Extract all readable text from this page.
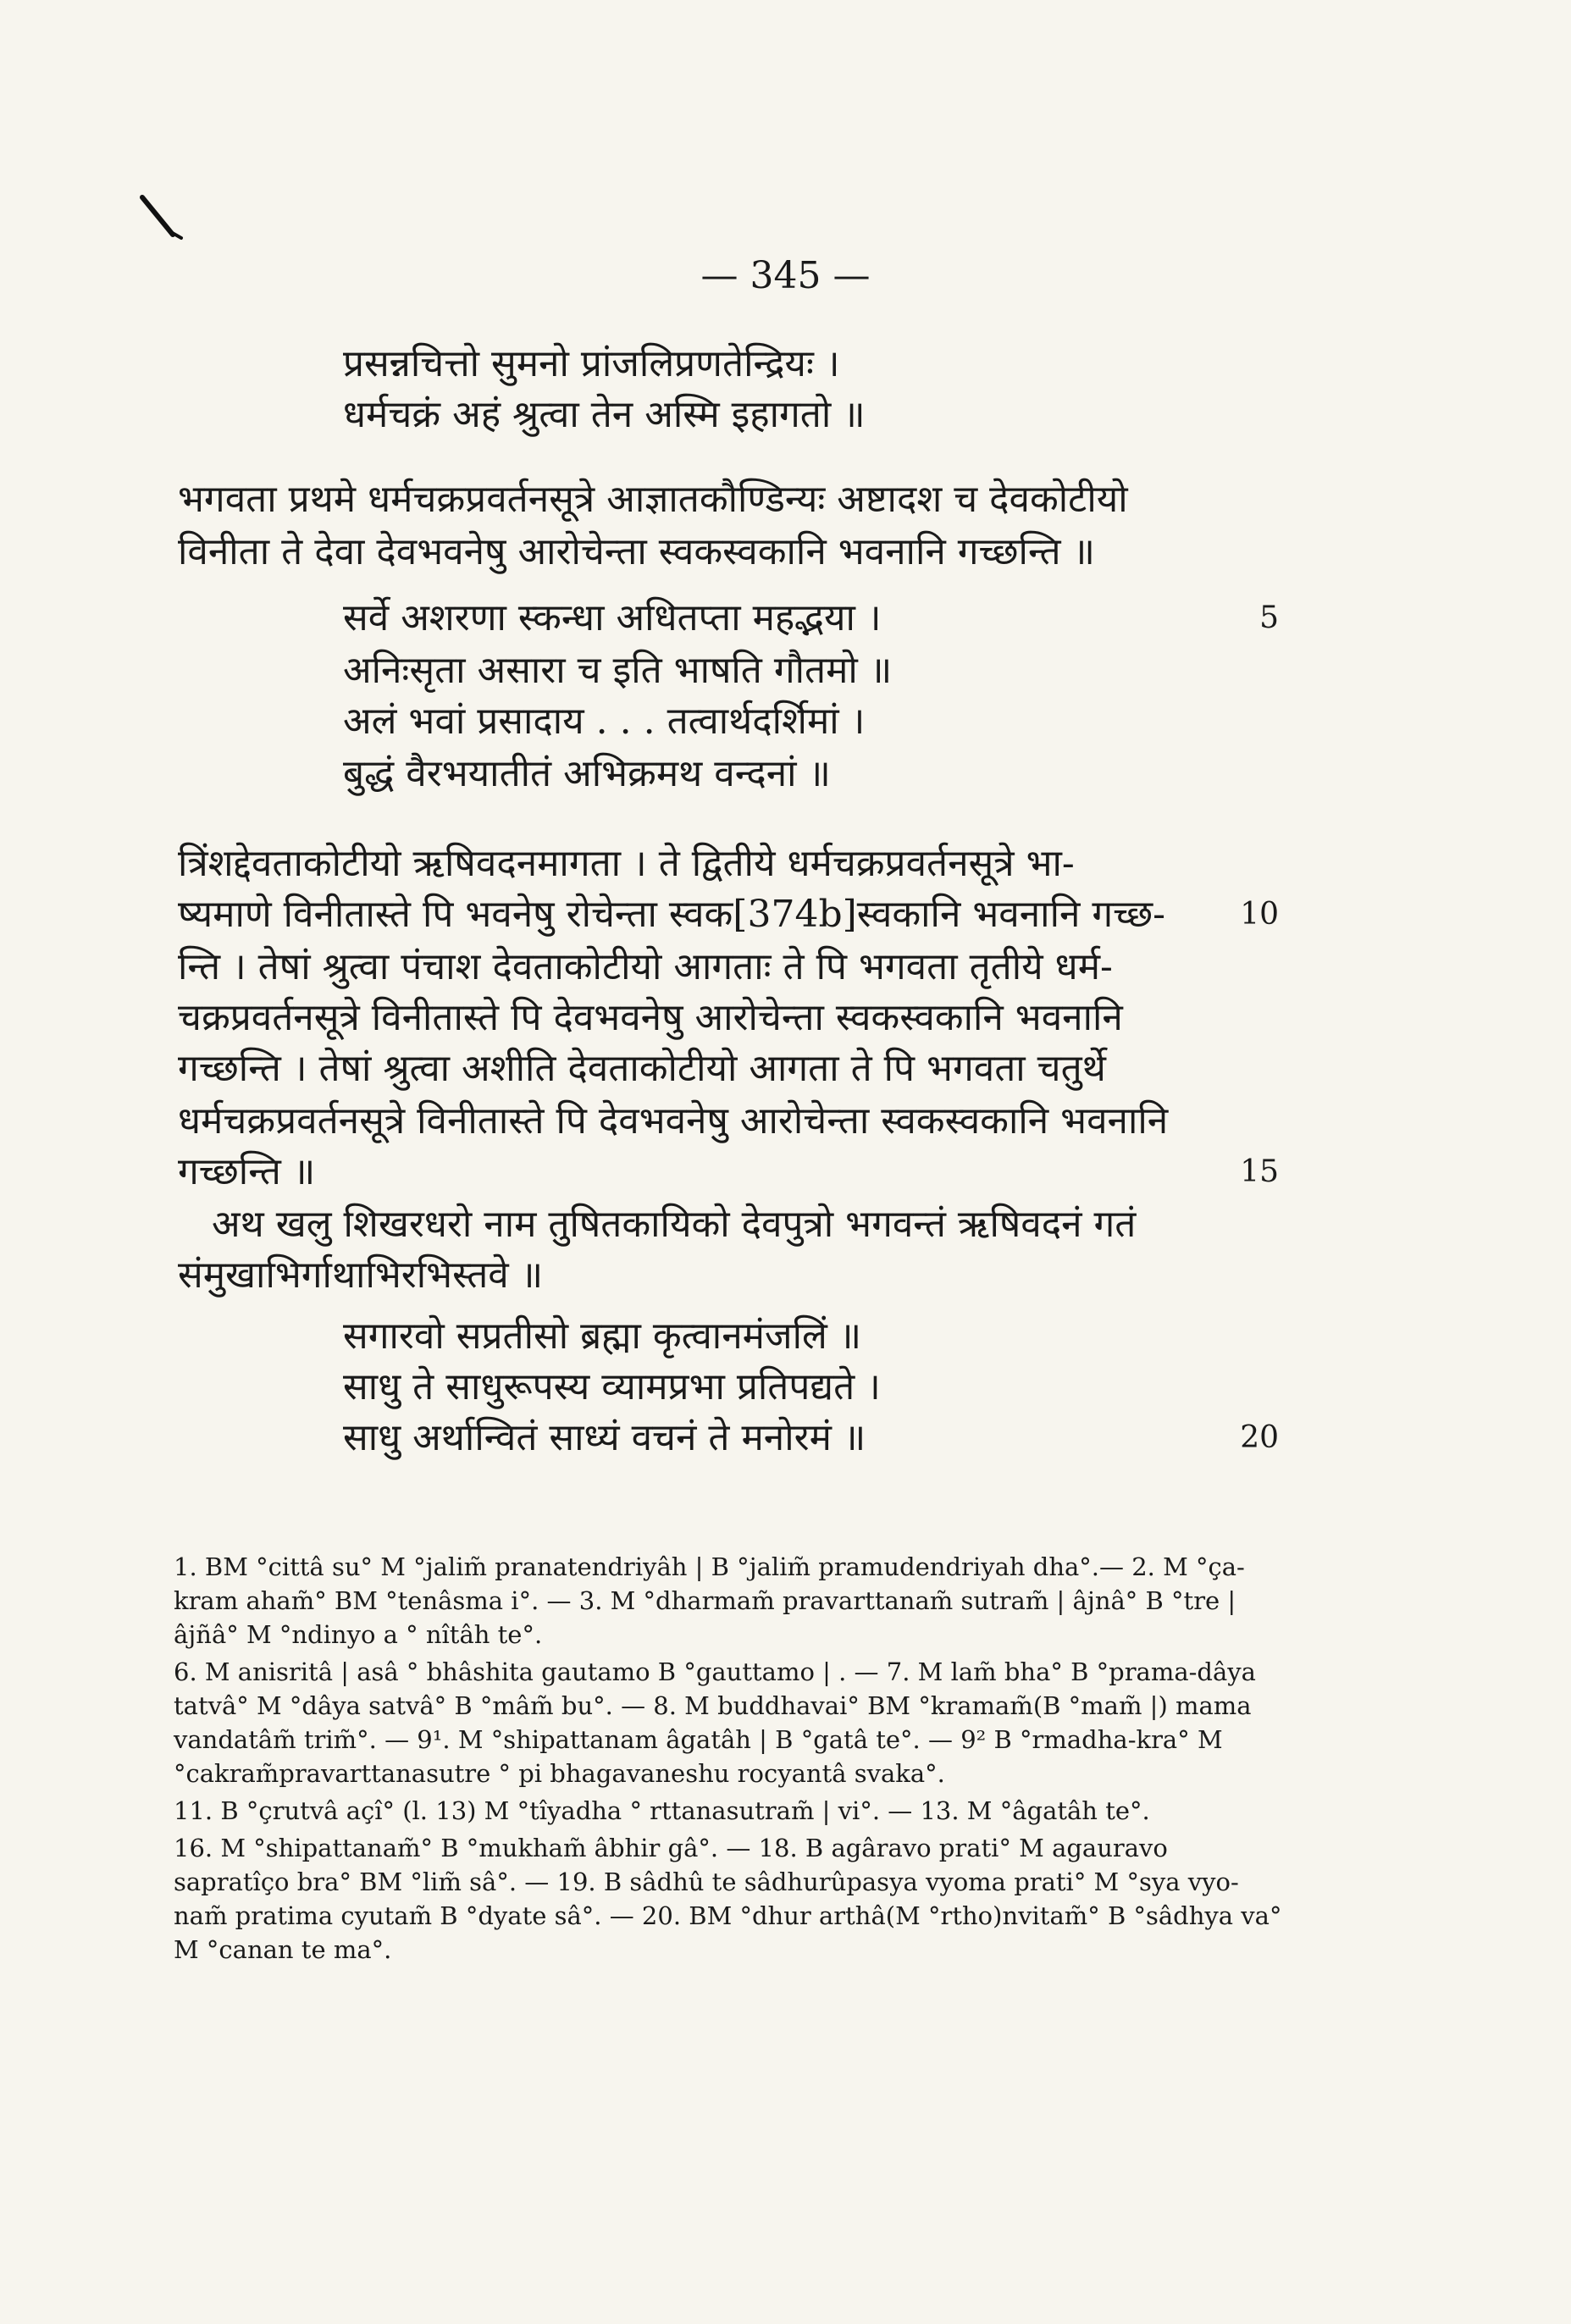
— 345 —
प्रसन्नचित्तो सुमनो प्रांजलिप्रणतेन्द्रियः ।
धर्मचक्रं अहं श्रुत्वा तेन अस्मि इहागतो ॥
भगवता प्रथमे धर्मचक्रप्रवर्तनसूत्रे आज्ञातकौण्डिन्यः अष्टादश च देवकोटीयो
विनीता ते देवा देवभवनेषु आरोचेन्ता स्वकस्वकानि भवनानि गच्छन्ति ॥
सर्वे अशरणा स्कन्धा अधितप्ता महद्भया ।	5
अनिःसृता असारा च इति भाषति गौतमो ॥
अलं भवां प्रसादाय . . . तत्वार्थदर्शिमां ।
बुद्धं वैरभयातीतं अभिक्रमथ वन्दनां ॥
त्रिंशद्देवताकोटीयो ऋषिवदनमागता । ते द्वितीये धर्मचक्रप्रवर्तनसूत्रे भा-
ष्यमाणे विनीतास्ते पि भवनेषु रोचेन्ता स्वक[374b]स्वकानि भवनानि गच्छ-	10
न्ति । तेषां श्रुत्वा पंचाश देवताकोटीयो आगताः ते पि भगवता तृतीये धर्म-
चक्रप्रवर्तनसूत्रे विनीतास्ते पि देवभवनेषु आरोचेन्ता स्वकस्वकानि भवनानि
गच्छन्ति । तेषां श्रुत्वा अशीति देवताकोटीयो आगता ते पि भगवता चतुर्थे
धर्मचक्रप्रवर्तनसूत्रे विनीतास्ते पि देवभवनेषु आरोचेन्ता स्वकस्वकानि भवनानि
गच्छन्ति ॥	15
अथ खलु शिखरधरो नाम तुषितकायिको देवपुत्रो भगवन्तं ऋषिवदनं गतं
संमुखाभिर्गाथाभिरभिस्तवे ॥
सगारवो सप्रतीसो ब्रह्मा कृत्वानमंजलिं ॥
साधु ते साधुरूपस्य व्यामप्रभा प्रतिपद्यते ।
साधु अर्थान्वितं साध्यं वचनं ते मनोरमं ॥	20

1. BM °cittâ su° M °jalim̃ pranatendriyâh | B °jalim̃ pramudendriyah dha°.— 2. M °ça-kram aham̃° BM °tenâsma i°. — 3. M °dharmam̃ pravarttanam̃ sutram̃ | âjnâ° B °tre | âjñâ° M °ndinyo a ° nîtâh te°.

6. M anisritâ | asâ ° bhâshita gautamo B °gauttamo | . — 7. M lam̃ bha° B °prama-dâya tatvâ° M °dâya satvâ° B °mâm̃ bu°. — 8. M buddhavai° BM °kramam̃(B °mam̃ |) mama vandatâm̃ trim̃°. — 9¹. M °shipattanam âgatâh | B °gatâ te°. — 9² B °rmadha-kra° M °cakram̃pravarttanasutre ° pi bhagavaneshu rocyantâ svaka°.

11. B °çrutvâ açî° (l. 13) M °tîyadha ° rttanasutram̃ | vi°. — 13. M °âgatâh te°.

16. M °shipattanam̃° B °mukham̃ âbhir gâ°. — 18. B agâravo prati° M agauravo sapratîço bra° BM °lim̃ sâ°. — 19. B sâdhû te sâdhurûpasya vyoma prati° M °sya vyo-nam̃ pratima cyutam̃ B °dyate sâ°. — 20. BM °dhur arthâ(M °rtho)nvitam̃° B °sâdhya va° M °canan te ma°.
